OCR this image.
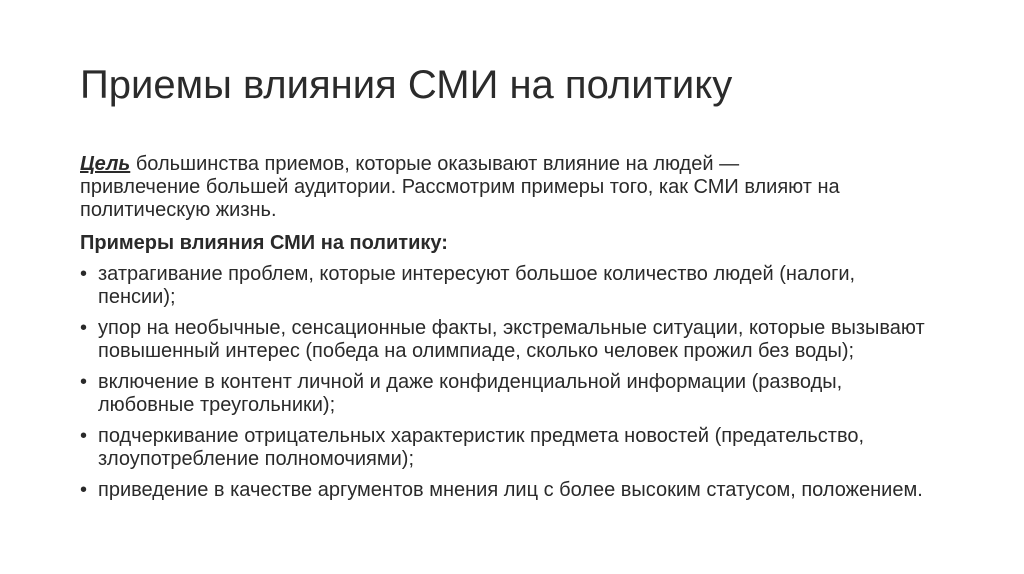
Приемы влияния СМИ на политику

Цель большинства приемов, которые оказывают влияние на людей — привлечение большей аудитории. Рассмотрим примеры того, как СМИ влияют на политическую жизнь.

Примеры влияния СМИ на политику:

• затрагивание проблем, которые интересуют большое количество людей (налоги, пенсии);
• упор на необычные, сенсационные факты, экстремальные ситуации, которые вызывают повышенный интерес (победа на олимпиаде, сколько человек прожил без воды);
• включение в контент личной и даже конфиденциальной информации (разводы, любовные треугольники);
• подчеркивание отрицательных характеристик предмета новостей (предательство, злоупотребление полномочиями);
• приведение в качестве аргументов мнения лиц с более высоким статусом, положением.
